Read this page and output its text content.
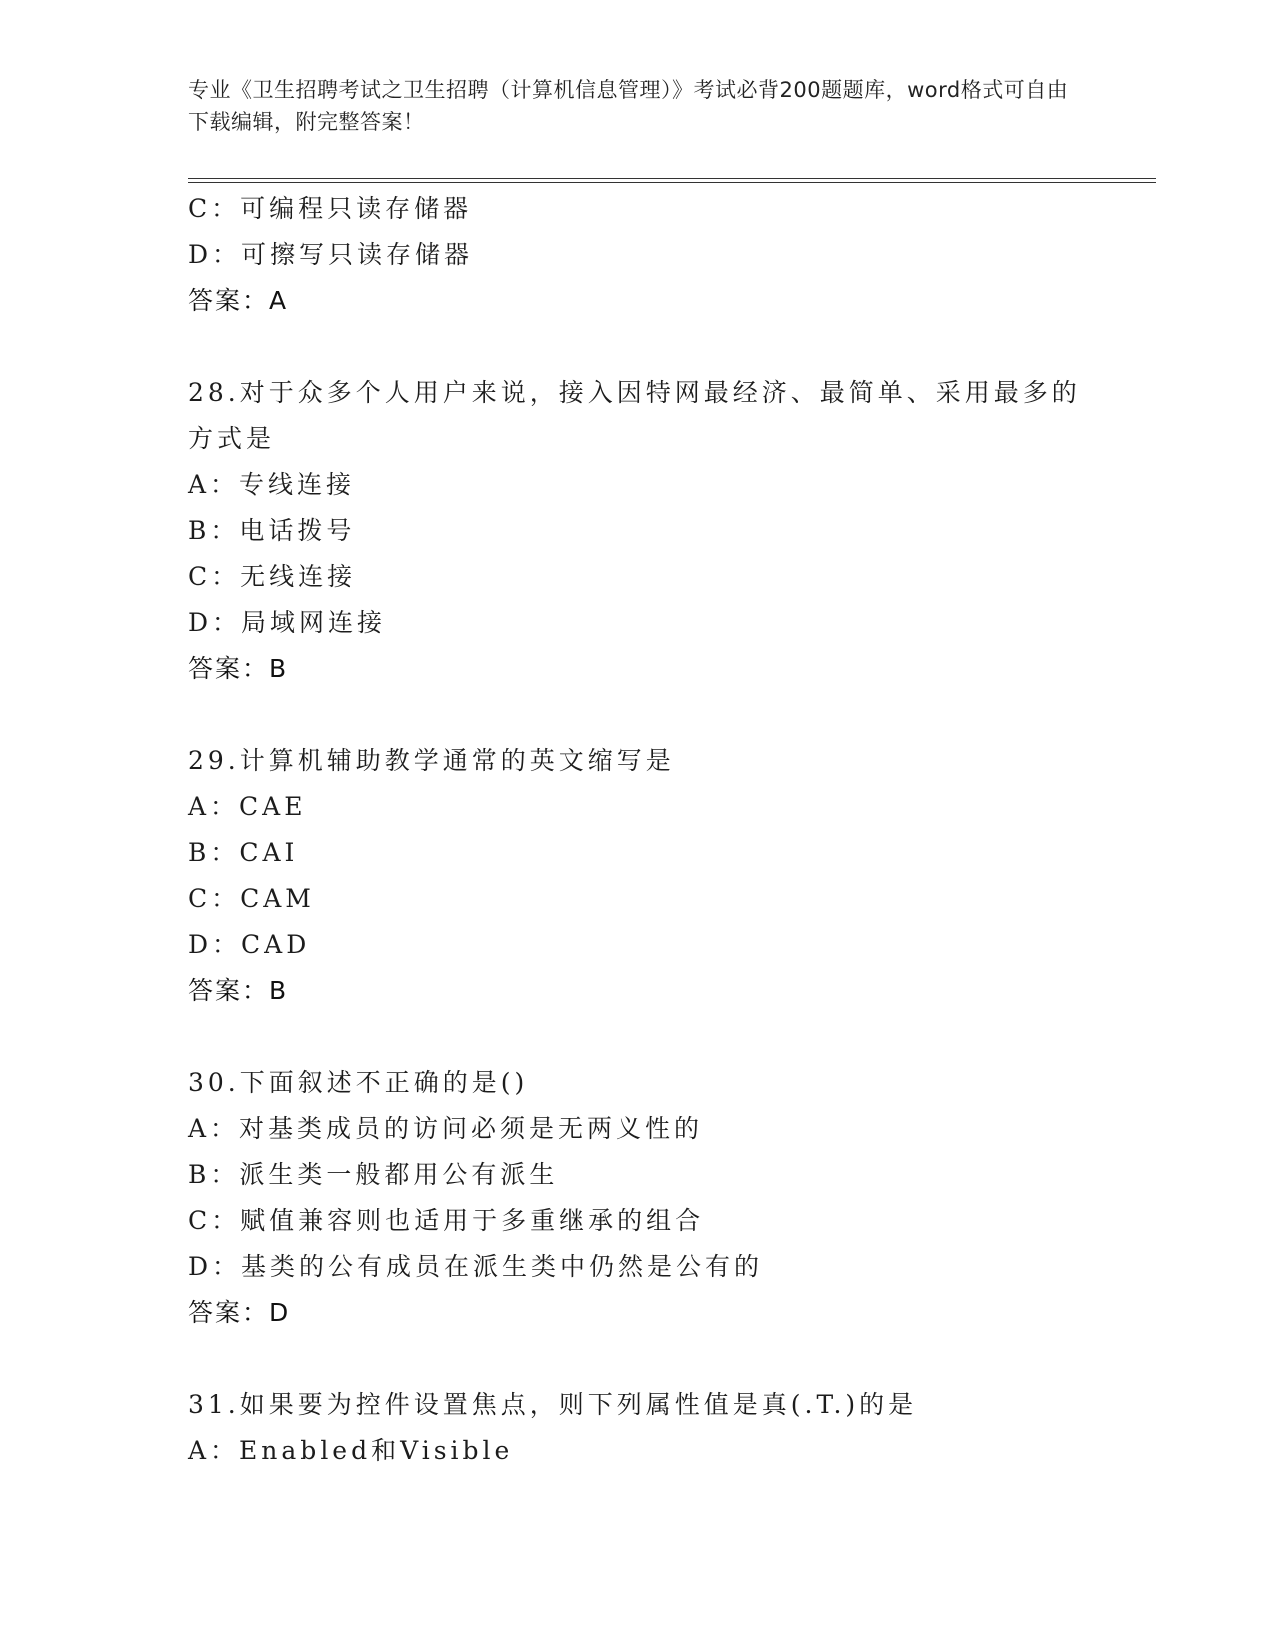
专业《卫生招聘考试之卫生招聘（计算机信息管理）》考试必背200题题库，word格式可自由下载编辑，附完整答案！
C：可编程只读存储器
D：可擦写只读存储器
答案：A
28.对于众多个人用户来说，接入因特网最经济、最简单、采用最多的方式是
A：专线连接
B：电话拨号
C：无线连接
D：局域网连接
答案：B
29.计算机辅助教学通常的英文缩写是
A：CAE
B：CAI
C：CAM
D：CAD
答案：B
30.下面叙述不正确的是()
A：对基类成员的访问必须是无两义性的
B：派生类一般都用公有派生
C：赋值兼容则也适用于多重继承的组合
D：基类的公有成员在派生类中仍然是公有的
答案：D
31.如果要为控件设置焦点，则下列属性值是真(.T.)的是
A：Enabled和Visible
